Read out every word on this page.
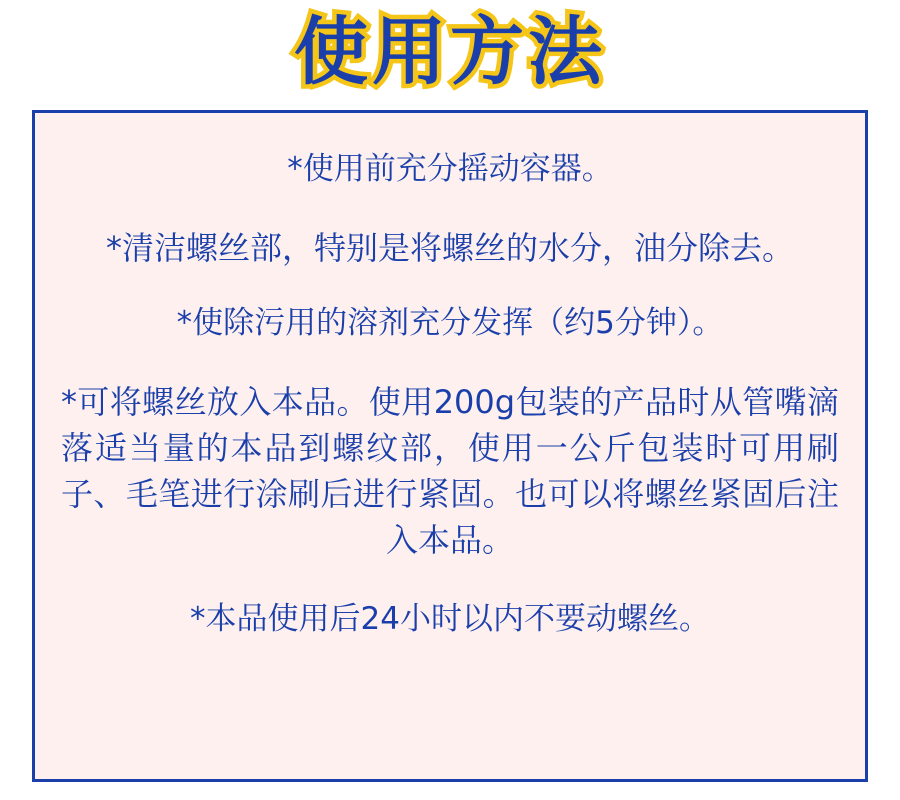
使用方法

*使用前充分摇动容器。

*清洁螺丝部，特别是将螺丝的水分，油分除去。

*使除污用的溶剂充分发挥（约5分钟）。

*可将螺丝放入本品。使用200g包装的产品时从管嘴滴落适当量的本品到螺纹部，使用一公斤包装时可用刷子、毛笔进行涂刷后进行紧固。也可以将螺丝紧固后注入本品。

*本品使用后24小时以内不要动螺丝。
